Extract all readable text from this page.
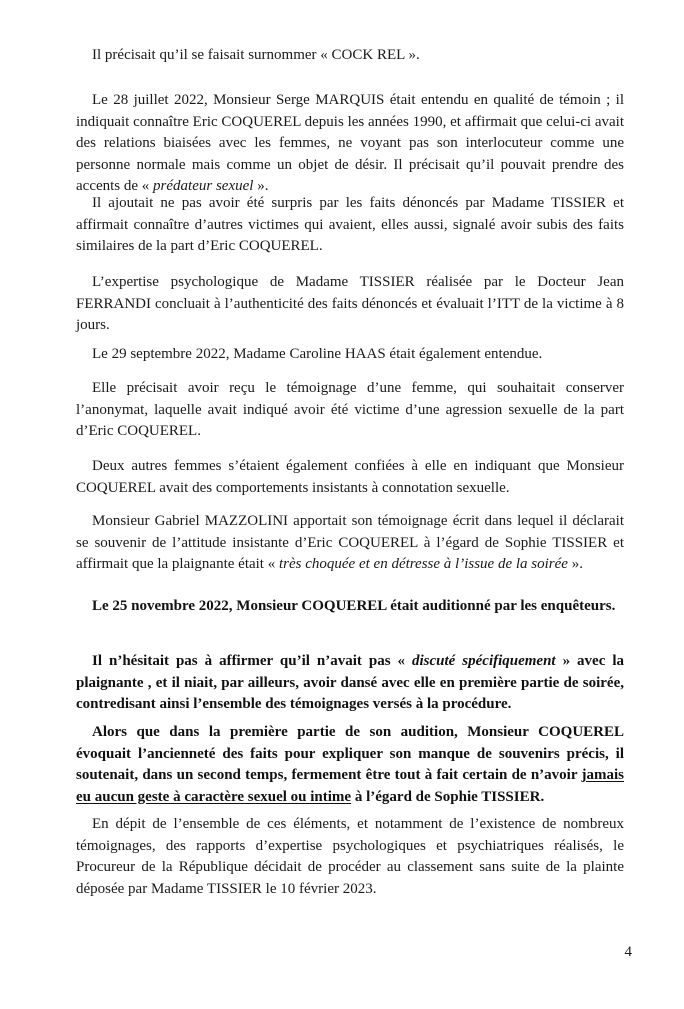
Il précisait qu’il se faisait surnommer « COCK REL ».

Le 28 juillet 2022, Monsieur Serge MARQUIS était entendu en qualité de témoin ; il indiquait connaître Eric COQUEREL depuis les années 1990, et affirmait que celui-ci avait des relations biaisées avec les femmes, ne voyant pas son interlocuteur comme une personne normale mais comme un objet de désir. Il précisait qu’il pouvait prendre des accents de « prédateur sexuel ».

Il ajoutait ne pas avoir été surpris par les faits dénoncés par Madame TISSIER et affirmait connaître d’autres victimes qui avaient, elles aussi, signalé avoir subis des faits similaires de la part d’Eric COQUEREL.

L’expertise psychologique de Madame TISSIER réalisée par le Docteur Jean FERRANDI concluait à l’authenticité des faits dénoncés et évaluait l’ITT de la victime à 8 jours.

Le 29 septembre 2022, Madame Caroline HAAS était également entendue.

Elle précisait avoir reçu le témoignage d’une femme, qui souhaitait conserver l’anonymat, laquelle avait indiqué avoir été victime d’une agression sexuelle de la part d’Eric COQUEREL.

Deux autres femmes s’étaient également confiées à elle en indiquant que Monsieur COQUEREL avait des comportements insistants à connotation sexuelle.

Monsieur Gabriel MAZZOLINI apportait son témoignage écrit dans lequel il déclarait se souvenir de l’attitude insistante d’Eric COQUEREL à l’égard de Sophie TISSIER et affirmait que la plaignante était « très choquée et en détresse à l’issue de la soirée ».

Le 25 novembre 2022, Monsieur COQUEREL était auditionné par les enquêteurs.

Il n’hésitait pas à affirmer qu’il n’avait pas « discuté spécifiquement » avec la plaignante , et il niait, par ailleurs, avoir dansé avec elle en première partie de soirée, contredisant ainsi l’ensemble des témoignages versés à la procédure.

Alors que dans la première partie de son audition, Monsieur COQUEREL évoquait l’ancienneté des faits pour expliquer son manque de souvenirs précis, il soutenait, dans un second temps, fermement être tout à fait certain de n’avoir jamais eu aucun geste à caractère sexuel ou intime à l’égard de Sophie TISSIER.

En dépit de l’ensemble de ces éléments, et notamment de l’existence de nombreux témoignages, des rapports d’expertise psychologiques et psychiatriques réalisés, le Procureur de la République décidait de procéder au classement sans suite de la plainte déposée par Madame TISSIER le 10 février 2023.

4
